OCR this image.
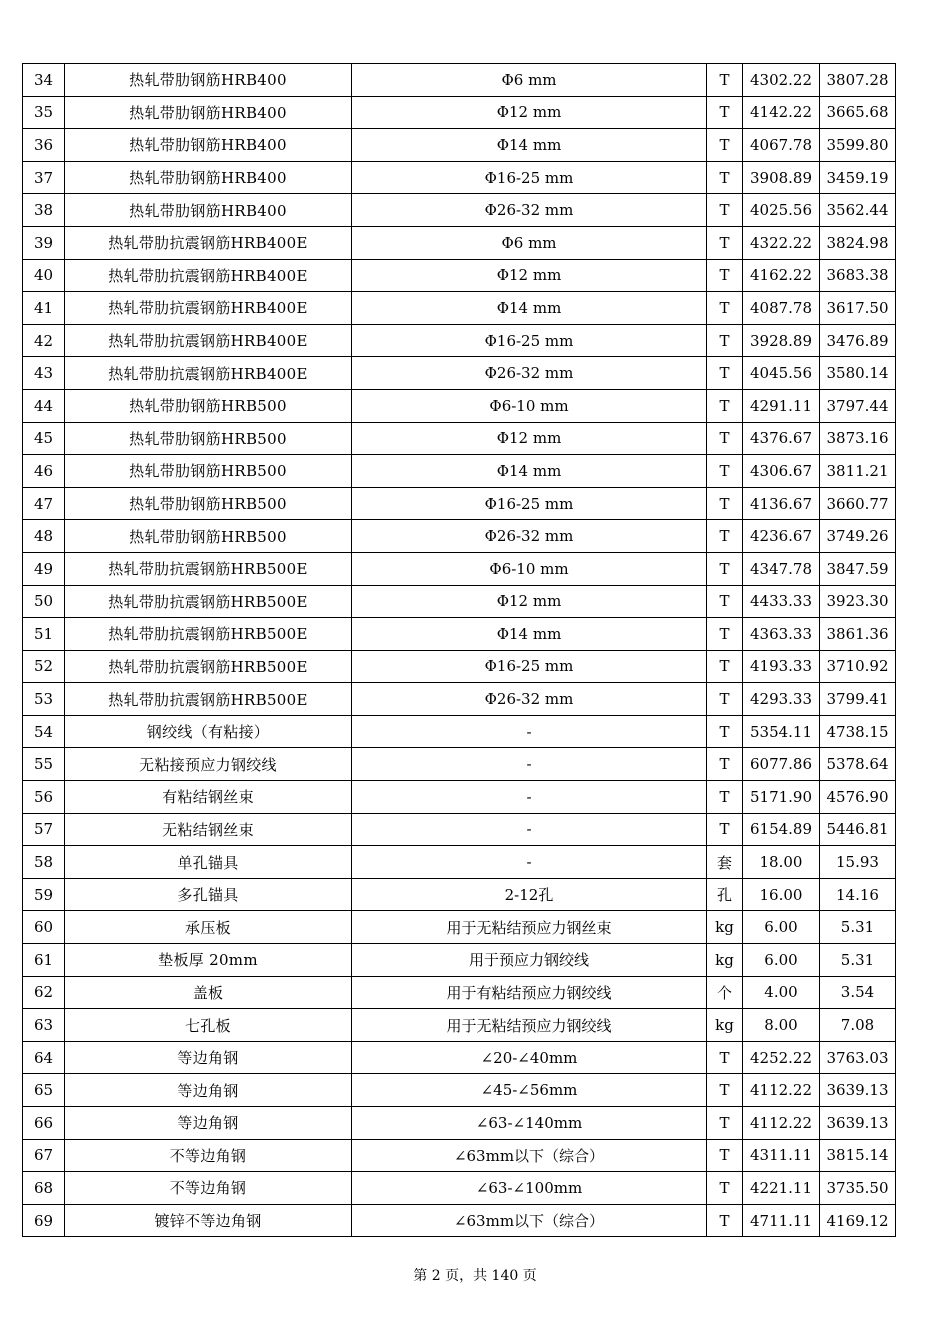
34	热轧带肋钢筋HRB400	Φ6 mm	T	4302.22	3807.28
35	热轧带肋钢筋HRB400	Φ12 mm	T	4142.22	3665.68
36	热轧带肋钢筋HRB400	Φ14 mm	T	4067.78	3599.80
37	热轧带肋钢筋HRB400	Φ16-25 mm	T	3908.89	3459.19
38	热轧带肋钢筋HRB400	Φ26-32 mm	T	4025.56	3562.44
39	热轧带肋抗震钢筋HRB400E	Φ6 mm	T	4322.22	3824.98
40	热轧带肋抗震钢筋HRB400E	Φ12 mm	T	4162.22	3683.38
41	热轧带肋抗震钢筋HRB400E	Φ14 mm	T	4087.78	3617.50
42	热轧带肋抗震钢筋HRB400E	Φ16-25 mm	T	3928.89	3476.89
43	热轧带肋抗震钢筋HRB400E	Φ26-32 mm	T	4045.56	3580.14
44	热轧带肋钢筋HRB500	Φ6-10 mm	T	4291.11	3797.44
45	热轧带肋钢筋HRB500	Φ12 mm	T	4376.67	3873.16
46	热轧带肋钢筋HRB500	Φ14 mm	T	4306.67	3811.21
47	热轧带肋钢筋HRB500	Φ16-25 mm	T	4136.67	3660.77
48	热轧带肋钢筋HRB500	Φ26-32 mm	T	4236.67	3749.26
49	热轧带肋抗震钢筋HRB500E	Φ6-10 mm	T	4347.78	3847.59
50	热轧带肋抗震钢筋HRB500E	Φ12 mm	T	4433.33	3923.30
51	热轧带肋抗震钢筋HRB500E	Φ14 mm	T	4363.33	3861.36
52	热轧带肋抗震钢筋HRB500E	Φ16-25 mm	T	4193.33	3710.92
53	热轧带肋抗震钢筋HRB500E	Φ26-32 mm	T	4293.33	3799.41
54	钢绞线（有粘接）	-	T	5354.11	4738.15
55	无粘接预应力钢绞线	-	T	6077.86	5378.64
56	有粘结钢丝束	-	T	5171.90	4576.90
57	无粘结钢丝束	-	T	6154.89	5446.81
58	单孔锚具	-	套	18.00	15.93
59	多孔锚具	2-12孔	孔	16.00	14.16
60	承压板	用于无粘结预应力钢丝束	kg	6.00	5.31
61	垫板厚 20mm	用于预应力钢绞线	kg	6.00	5.31
62	盖板	用于有粘结预应力钢绞线	个	4.00	3.54
63	七孔板	用于无粘结预应力钢绞线	kg	8.00	7.08
64	等边角钢	∠20-∠40mm	T	4252.22	3763.03
65	等边角钢	∠45-∠56mm	T	4112.22	3639.13
66	等边角钢	∠63-∠140mm	T	4112.22	3639.13
67	不等边角钢	∠63mm以下（综合）	T	4311.11	3815.14
68	不等边角钢	∠63-∠100mm	T	4221.11	3735.50
69	镀锌不等边角钢	∠63mm以下（综合）	T	4711.11	4169.12
第 2 页，共 140 页
